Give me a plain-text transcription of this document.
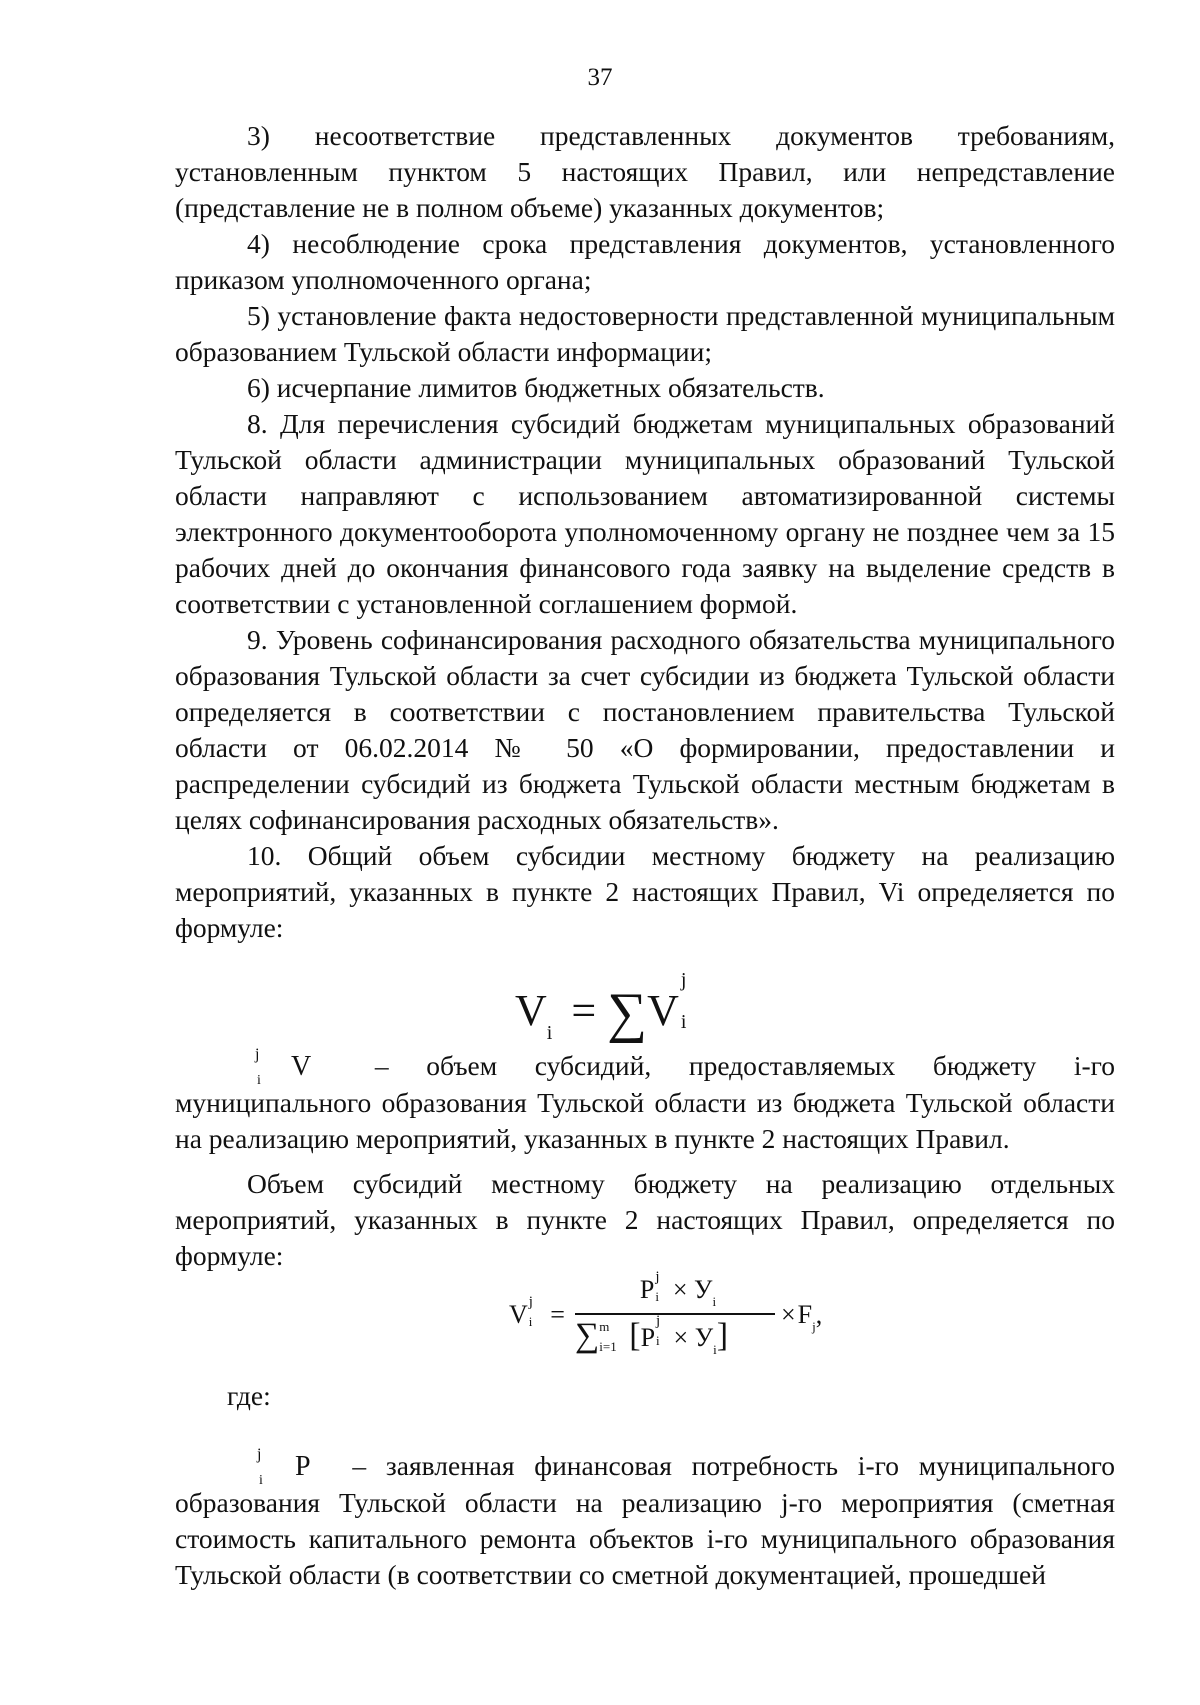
37

3) несоответствие представленных документов требованиям, установленным пунктом 5 настоящих Правил, или непредставление (представление не в полном объеме) указанных документов;

4) несоблюдение срока представления документов, установленного приказом уполномоченного органа;

5) установление факта недостоверности представленной муниципальным образованием Тульской области информации;

6) исчерпание лимитов бюджетных обязательств.

8. Для перечисления субсидий бюджетам муниципальных образований Тульской области администрации муниципальных образований Тульской области направляют с использованием автоматизированной системы электронного документооборота уполномоченному органу не позднее чем за 15 рабочих дней до окончания финансового года заявку на выделение средств в соответствии с установленной соглашением формой.

9. Уровень софинансирования расходного обязательства муниципального образования Тульской области за счет субсидии из бюджета Тульской области определяется в соответствии с постановлением правительства Тульской области от 06.02.2014 № 50 «О формировании, предоставлении и распределении субсидий из бюджета Тульской области местным бюджетам в целях софинансирования расходных обязательств».

10. Общий объем субсидии местному бюджету на реализацию мероприятий, указанных в пункте 2 настоящих Правил, Vi определяется по формуле:

$V_i = \sum V$
j
i

V
j
i	– объем субсидий, предоставляемых бюджету i-го муниципального образования Тульской области из бюджета Тульской области на реализацию мероприятий, указанных в пункте 2 настоящих Правил.

Объем субсидий местному бюджету на реализацию отдельных мероприятий, указанных в пункте 2 настоящих Правил, определяется по формуле:

V j
i =
P j
$i \times У_i$
∑ m
i=1 [P
j
$i \times У_i$]
$\times F_j$,
где:

P
j
i	– заявленная финансовая потребность i-го муниципального образования Тульской области на реализацию j-го мероприятия (сметная стоимость капитального ремонта объектов i-го муниципального образования Тульской области (в соответствии со сметной документацией, прошедшей
